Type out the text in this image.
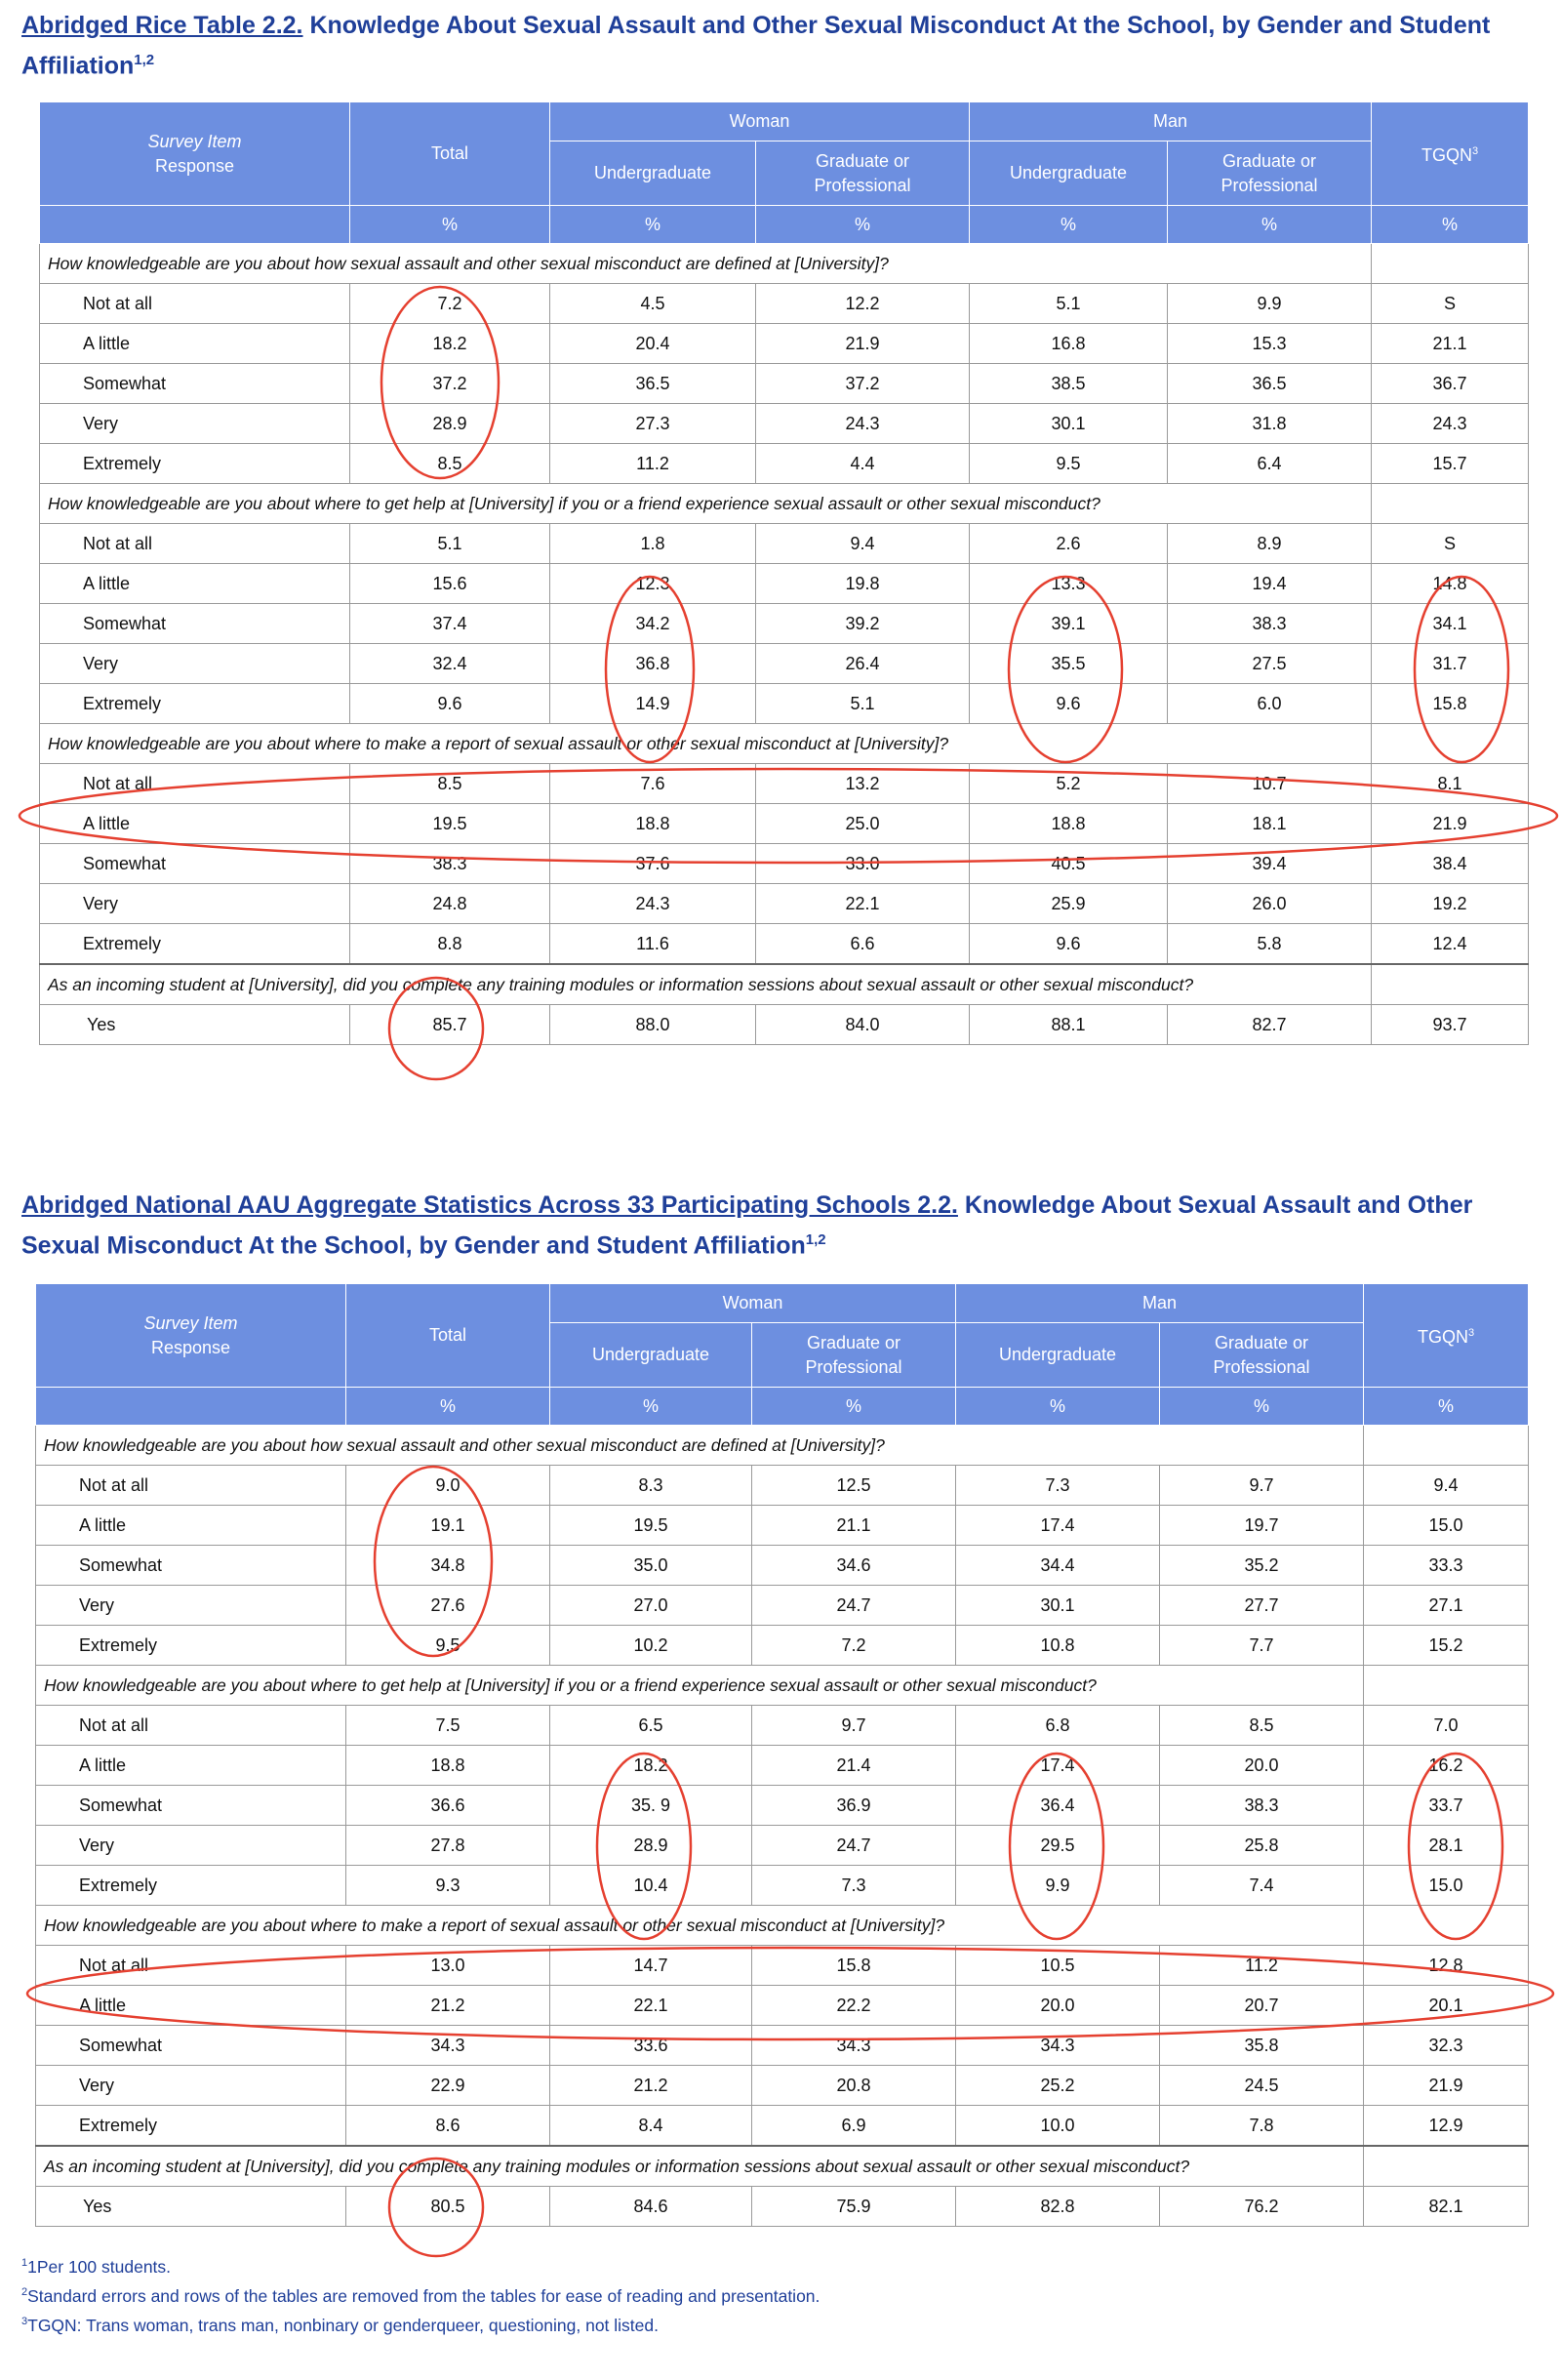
Abridged Rice Table 2.2. Knowledge About Sexual Assault and Other Sexual Misconduct At the School, by Gender and Student Affiliation$^{1,2}$
Survey Item
Response	Total	Woman		Man		TGQN$^3$
		Undergraduate	Graduate or
Professional	Undergraduate	Graduate or
Professional	
	%	%	%	%	%	%
How knowledgeable are you about how sexual assault and other sexual misconduct are defined at [University]?						
Not at all	7.2	4.5	12.2	5.1	9.9	S
A little	18.2	20.4	21.9	16.8	15.3	21.1
Somewhat	37.2	36.5	37.2	38.5	36.5	36.7
Very	28.9	27.3	24.3	30.1	31.8	24.3
Extremely	8.5	11.2	4.4	9.5	6.4	15.7
How knowledgeable are you about where to get help at [University] if you or a friend experience sexual assault or other sexual misconduct?						
Not at all	5.1	1.8	9.4	2.6	8.9	S
A little	15.6	12.3	19.8	13.3	19.4	14.8
Somewhat	37.4	34.2	39.2	39.1	38.3	34.1
Very	32.4	36.8	26.4	35.5	27.5	31.7
Extremely	9.6	14.9	5.1	9.6	6.0	15.8
How knowledgeable are you about where to make a report of sexual assault or other sexual misconduct at [University]?						
Not at all	8.5	7.6	13.2	5.2	10.7	8.1
A little	19.5	18.8	25.0	18.8	18.1	21.9
Somewhat	38.3	37.6	33.0	40.5	39.4	38.4
Very	24.8	24.3	22.1	25.9	26.0	19.2
Extremely	8.8	11.6	6.6	9.6	5.8	12.4
As an incoming student at [University], did you complete any training modules or information sessions about sexual assault or other sexual misconduct?						
Yes	85.7	88.0	84.0	88.1	82.7	93.7
Abridged National AAU Aggregate Statistics Across 33 Participating Schools 2.2. Knowledge About Sexual Assault and Other Sexual Misconduct At the School, by Gender and Student Affiliation$^{1,2}$
Survey Item
Response	Total	Woman		Man		TGQN$^3$
		Undergraduate	Graduate or
Professional	Undergraduate	Graduate or
Professional	
	%	%	%	%	%	%
How knowledgeable are you about how sexual assault and other sexual misconduct are defined at [University]?						
Not at all	9.0	8.3	12.5	7.3	9.7	9.4
A little	19.1	19.5	21.1	17.4	19.7	15.0
Somewhat	34.8	35.0	34.6	34.4	35.2	33.3
Very	27.6	27.0	24.7	30.1	27.7	27.1
Extremely	9.5	10.2	7.2	10.8	7.7	15.2
How knowledgeable are you about where to get help at [University] if you or a friend experience sexual assault or other sexual misconduct?						
Not at all	7.5	6.5	9.7	6.8	8.5	7.0
A little	18.8	18.2	21.4	17.4	20.0	16.2
Somewhat	36.6	35. 9	36.9	36.4	38.3	33.7
Very	27.8	28.9	24.7	29.5	25.8	28.1
Extremely	9.3	10.4	7.3	9.9	7.4	15.0
How knowledgeable are you about where to make a report of sexual assault or other sexual misconduct at [University]?						
Not at all	13.0	14.7	15.8	10.5	11.2	12.8
A little	21.2	22.1	22.2	20.0	20.7	20.1
Somewhat	34.3	33.6	34.3	34.3	35.8	32.3
Very	22.9	21.2	20.8	25.2	24.5	21.9
Extremely	8.6	8.4	6.9	10.0	7.8	12.9
As an incoming student at [University], did you complete any training modules or information sessions about sexual assault or other sexual misconduct?						
Yes	80.5	84.6	75.9	82.8	76.2	82.1
$^1$1Per 100 students.
$^2$Standard errors and rows of the tables are removed from the tables for ease of reading and presentation.
$^3$TGQN: Trans woman, trans man, nonbinary or genderqueer, questioning, not listed.
